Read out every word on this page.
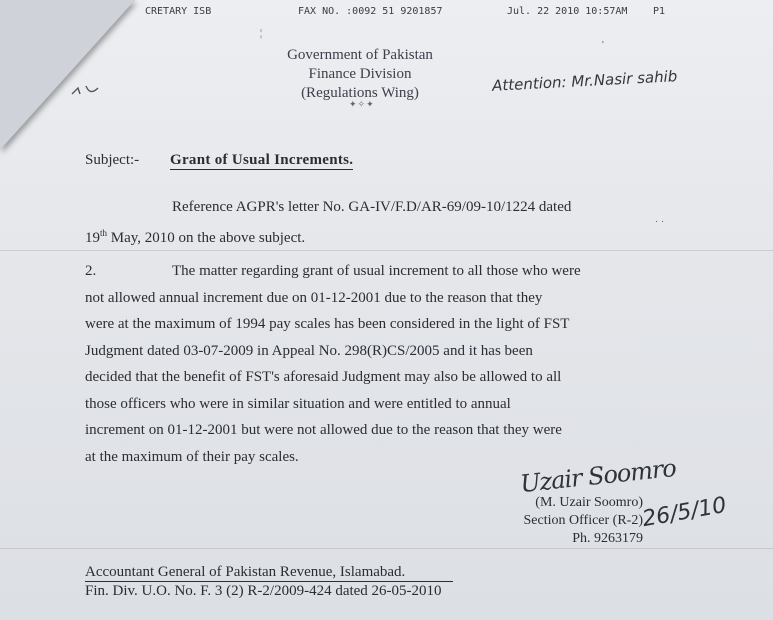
CRETARY ISB	FAX NO. :0092 51 9201857	Jul. 22 2010 10:57AM	P1
Government of Pakistan
Finance Division
(Regulations Wing)
✦✧✦
Attention: Mr.Nasir sahib
Subject:- Grant of Usual Increments.
Reference AGPR's letter No. GA-IV/F.D/AR-69/09-10/1224 dated
19th May, 2010 on the above subject.
2.	The matter regarding grant of usual increment to all those who were
not allowed annual increment due on 01-12-2001 due to the reason that they
were at the maximum of 1994 pay scales has been considered in the light of FST
Judgment dated 03-07-2009 in Appeal No. 298(R)CS/2005 and it has been
decided that the benefit of FST's aforesaid Judgment may also be allowed to all
those officers who were in similar situation and were entitled to annual
increment on 01-12-2001 but were not allowed due to the reason that they were
at the maximum of their pay scales.	Uzair Soomro
26/5/10
(M. Uzair Soomro)
Section Officer (R-2)
Ph. 9263179
Accountant General of Pakistan Revenue, Islamabad.
Fin. Div. U.O. No. F. 3 (2) R-2/2009-424 dated 26-05-2010
'
˙ ˙
¦
